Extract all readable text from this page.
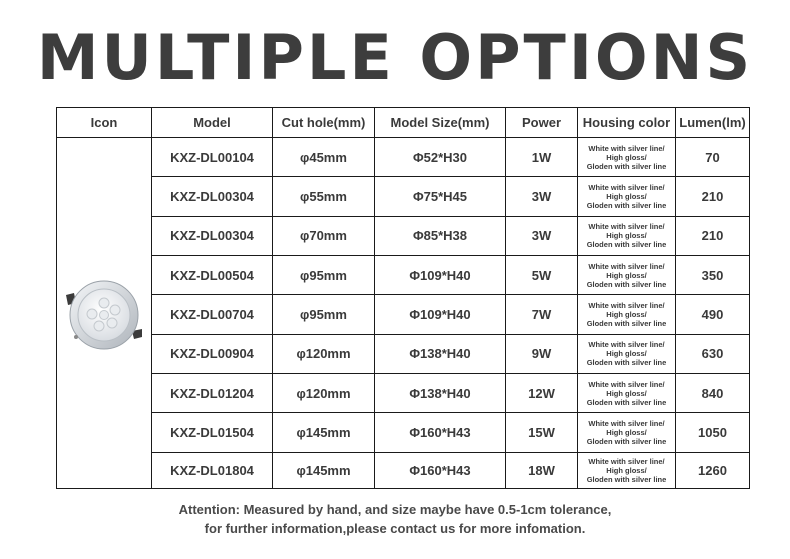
MULTIPLE OPTIONS
Icon	Model	Cut hole(mm)	Model Size(mm)	Power	Housing color	Lumen(lm)

	KXZ-DL00104	φ45mm	Φ52*H30	1W	White with silver line/
High gloss/
Gloden with silver line	70
	KXZ-DL00304	φ55mm	Φ75*H45	3W	White with silver line/
High gloss/
Gloden with silver line	210
	KXZ-DL00304	φ70mm	Φ85*H38	3W	White with silver line/
High gloss/
Gloden with silver line	210
	KXZ-DL00504	φ95mm	Φ109*H40	5W	White with silver line/
High gloss/
Gloden with silver line	350
	KXZ-DL00704	φ95mm	Φ109*H40	7W	White with silver line/
High gloss/
Gloden with silver line	490
	KXZ-DL00904	φ120mm	Φ138*H40	9W	White with silver line/
High gloss/
Gloden with silver line	630
	KXZ-DL01204	φ120mm	Φ138*H40	12W	White with silver line/
High gloss/
Gloden with silver line	840
	KXZ-DL01504	φ145mm	Φ160*H43	15W	White with silver line/
High gloss/
Gloden with silver line	1050
	KXZ-DL01804	φ145mm	Φ160*H43	18W	White with silver line/
High gloss/
Gloden with silver line	1260
Attention: Measured by hand, and size maybe have 0.5-1cm tolerance,
for further information,please contact us for more infomation.
